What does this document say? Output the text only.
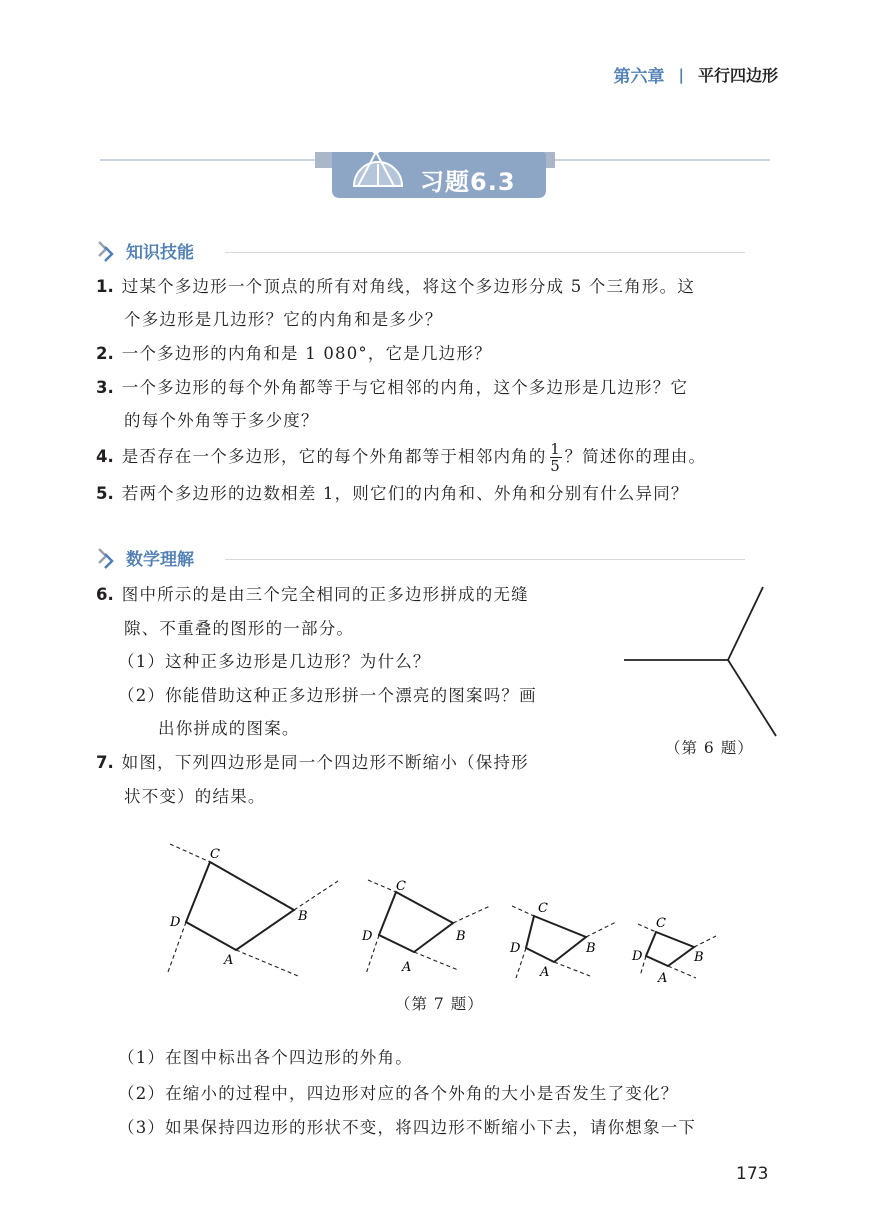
第六章 | 平行四边形
习题6.3
知识技能
1. 过某个多边形一个顶点的所有对角线，将这个多边形分成 5 个三角形。这
个多边形是几边形？它的内角和是多少？
2. 一个多边形的内角和是 1 080°，它是几边形？
3. 一个多边形的每个外角都等于与它相邻的内角，这个多边形是几边形？它
的每个外角等于多少度？
4. 是否存在一个多边形，它的每个外角都等于相邻内角的 $\frac{1}{5}$ ？简述你的理由。
5. 若两个多边形的边数相差 1，则它们的内角和、外角和分别有什么异同？
数学理解
6. 图中所示的是由三个完全相同的正多边形拼成的无缝
隙、不重叠的图形的一部分。
（1）这种正多边形是几边形？为什么？
（2）你能借助这种正多边形拼一个漂亮的图案吗？画
出你拼成的图案。
（第 6 题）
7. 如图，下列四边形是同一个四边形不断缩小（保持形
状不变）的结果。
C
B
A
D
C
B
A
D
C
B
A
D
C
B
A
D
（第 7 题）
（1）在图中标出各个四边形的外角。
（2）在缩小的过程中，四边形对应的各个外角的大小是否发生了变化？
（3）如果保持四边形的形状不变，将四边形不断缩小下去，请你想象一下
173
